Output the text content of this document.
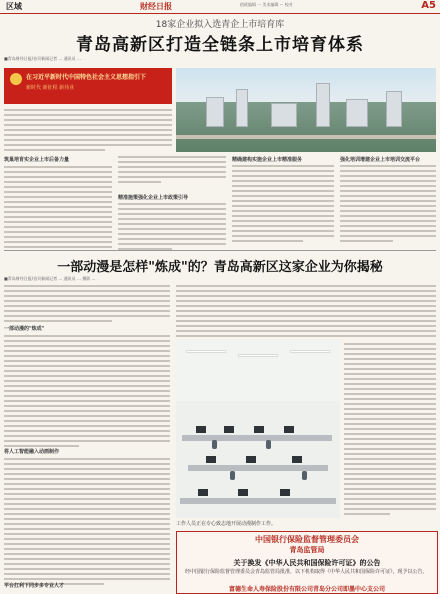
区域	财经日报	值班编辑 ··· 美术编辑 ··· 校对	A5
18家企业拟入选青企上市培育库
青岛高新区打造全链条上市培育体系
■青岛财经日报/首页新闻记者 … 通讯员 …
在习近平新时代中国特色社会主义思想指引下
新时代 新征程 新伟业
筑巢培育实企业上市后备力量
精准施策强化企业上市政策引导
精确建构实施企业上市精准服务	强化培训增建企业上市培训交流平台
一部动漫是怎样"炼成"的？青岛高新区这家企业为你揭秘
■青岛财经日报/首页新闻记者 … 通讯员 … 摄影 …
一部动漫的"炼成"
将人工智能融入动画制作
工作人员正在专心致志地开展动漫制作工作。
平台扛利下同步多专业人才
中国银行保险监督管理委员会
青岛监管局
关于换发《中华人民共和国保险许可证》的公告
经中国银行保险监督管理委员会青岛监管局批准，以下机构取得《中华人民共和国保险许可证》，现予以公告。
富德生命人寿保险股份有限公司青岛分公司即墨中心支公司
